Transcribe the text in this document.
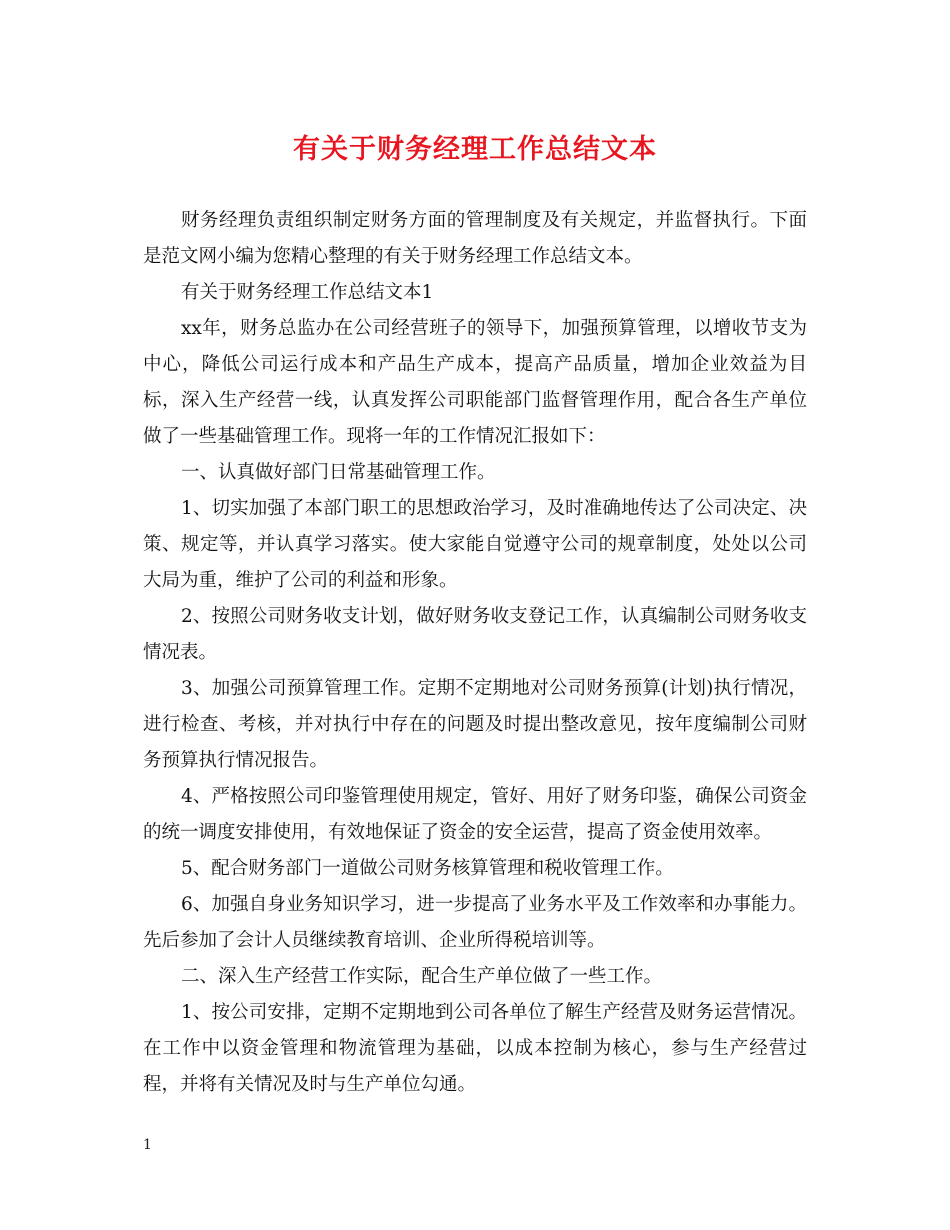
有关于财务经理工作总结文本

财务经理负责组织制定财务方面的管理制度及有关规定，并监督执行。下面是范文网小编为您精心整理的有关于财务经理工作总结文本。

有关于财务经理工作总结文本1

xx年，财务总监办在公司经营班子的领导下，加强预算管理，以增收节支为中心，降低公司运行成本和产品生产成本，提高产品质量，增加企业效益为目标，深入生产经营一线，认真发挥公司职能部门监督管理作用，配合各生产单位做了一些基础管理工作。现将一年的工作情况汇报如下：

一、认真做好部门日常基础管理工作。

1、切实加强了本部门职工的思想政治学习，及时准确地传达了公司决定、决策、规定等，并认真学习落实。使大家能自觉遵守公司的规章制度，处处以公司大局为重，维护了公司的利益和形象。

2、按照公司财务收支计划，做好财务收支登记工作，认真编制公司财务收支情况表。

3、加强公司预算管理工作。定期不定期地对公司财务预算(计划)执行情况，进行检查、考核，并对执行中存在的问题及时提出整改意见，按年度编制公司财务预算执行情况报告。

4、严格按照公司印鉴管理使用规定，管好、用好了财务印鉴，确保公司资金的统一调度安排使用，有效地保证了资金的安全运营，提高了资金使用效率。

5、配合财务部门一道做公司财务核算管理和税收管理工作。

6、加强自身业务知识学习，进一步提高了业务水平及工作效率和办事能力。先后参加了会计人员继续教育培训、企业所得税培训等。

二、深入生产经营工作实际，配合生产单位做了一些工作。

1、按公司安排，定期不定期地到公司各单位了解生产经营及财务运营情况。在工作中以资金管理和物流管理为基础，以成本控制为核心，参与生产经营过程，并将有关情况及时与生产单位勾通。

1
